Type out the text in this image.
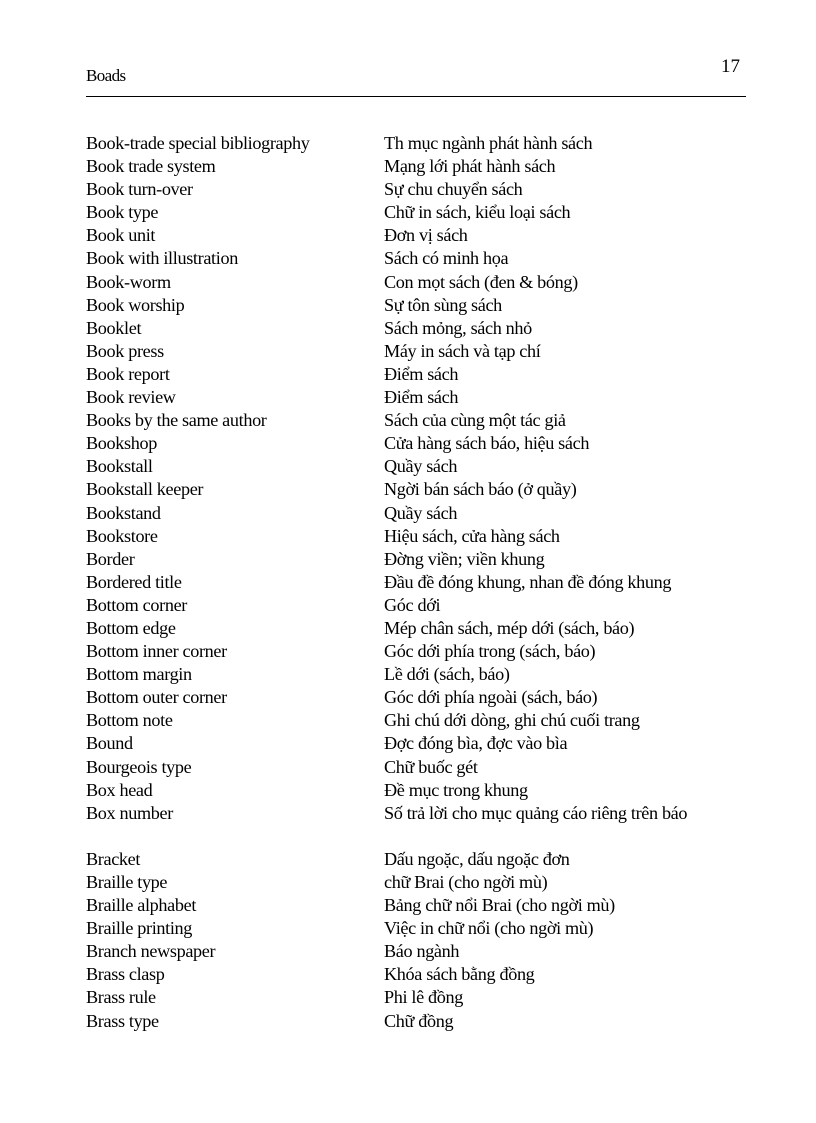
Boads	17
Book-trade special bibliography	Th mục ngành phát hành sách
Book trade system	Mạng lới phát hành sách
Book turn-over	Sự chu chuyển sách
Book type	Chữ in sách, kiểu loại sách
Book unit	Đơn vị sách
Book with illustration	Sách có minh họa
Book-worm	Con mọt sách (đen & bóng)
Book worship	Sự tôn sùng sách
Booklet	Sách mỏng, sách nhỏ
Book press	Máy in sách và tạp chí
Book report	Điểm sách
Book review	Điểm sách
Books by the same author	Sách của cùng một tác giả
Bookshop	Cửa hàng sách báo, hiệu sách
Bookstall	Quầy sách
Bookstall keeper	Ngời bán sách báo (ở quầy)
Bookstand	Quầy sách
Bookstore	Hiệu sách, cửa hàng sách
Border	Đờng viền; viền khung
Bordered title	Đầu đề đóng khung, nhan đề đóng khung
Bottom corner	Góc dới
Bottom edge	Mép chân sách, mép dới (sách, báo)
Bottom inner corner	Góc dới phía trong (sách, báo)
Bottom margin	Lề dới (sách, báo)
Bottom outer corner	Góc dới phía ngoài (sách, báo)
Bottom note	Ghi chú dới dòng, ghi chú cuối trang
Bound	Đợc đóng bìa, đợc vào bìa
Bourgeois type	Chữ buốc gét
Box head	Đề mục trong khung
Box number	Số trả lời cho mục quảng cáo riêng trên báo
Bracket	Dấu ngoặc, dấu ngoặc đơn
Braille type	chữ Brai (cho ngời mù)
Braille alphabet	Bảng chữ nổi Brai (cho ngời mù)
Braille printing	Việc in chữ nổi (cho ngời mù)
Branch newspaper	Báo ngành
Brass clasp	Khóa sách bằng đồng
Brass rule	Phi lê đồng
Brass type	Chữ đồng
